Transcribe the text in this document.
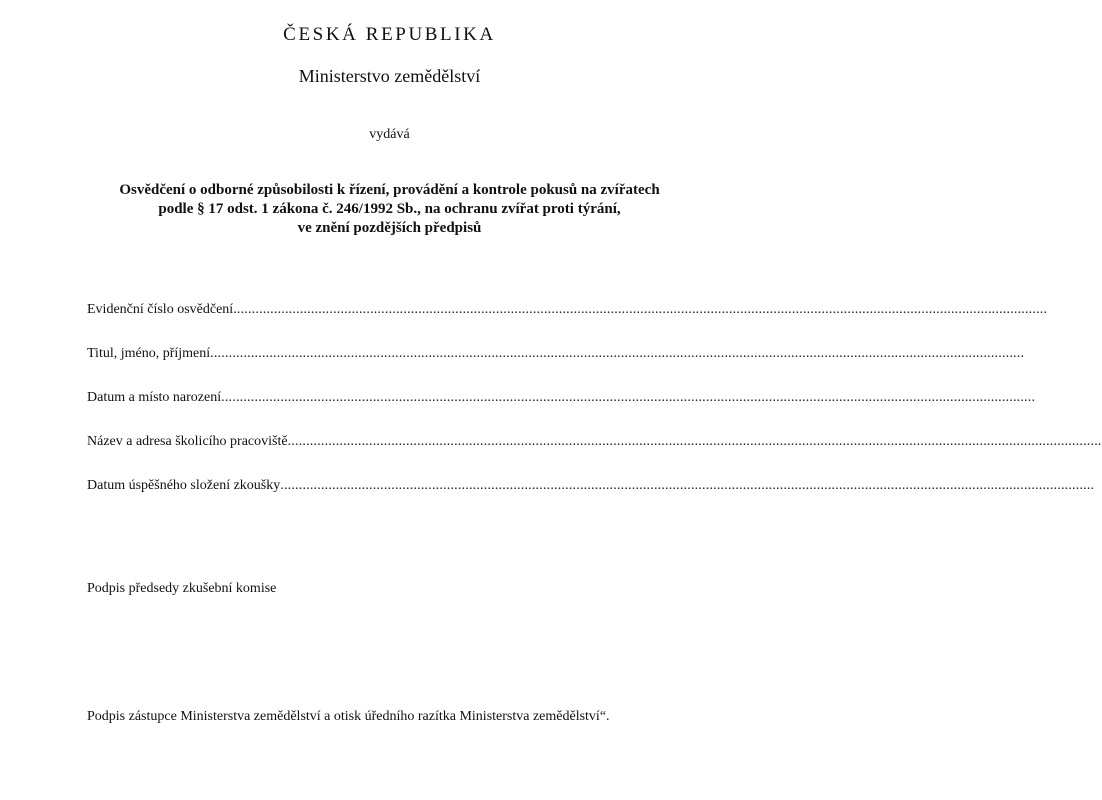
ČESKÁ REPUBLIKA
Ministerstvo zemědělství
vydává
Osvědčení o odborné způsobilosti k řízení, provádění a kontrole pokusů na zvířatech
podle § 17 odst. 1 zákona č. 246/1992 Sb., na ochranu zvířat proti týrání,
ve znění pozdějších předpisů
Evidenční číslo osvědčení ............................................................................................................................................................................................................................
Titul, jméno, příjmení ............................................................................................................................................................................................................................
Datum a místo narození ............................................................................................................................................................................................................................
Název a adresa školicího pracoviště ............................................................................................................................................................................................................................
Datum úspěšného složení zkoušky ............................................................................................................................................................................................................................
Podpis předsedy zkušební komise
Podpis zástupce Ministerstva zemědělství a otisk úředního razítka Ministerstva zemědělství“.
